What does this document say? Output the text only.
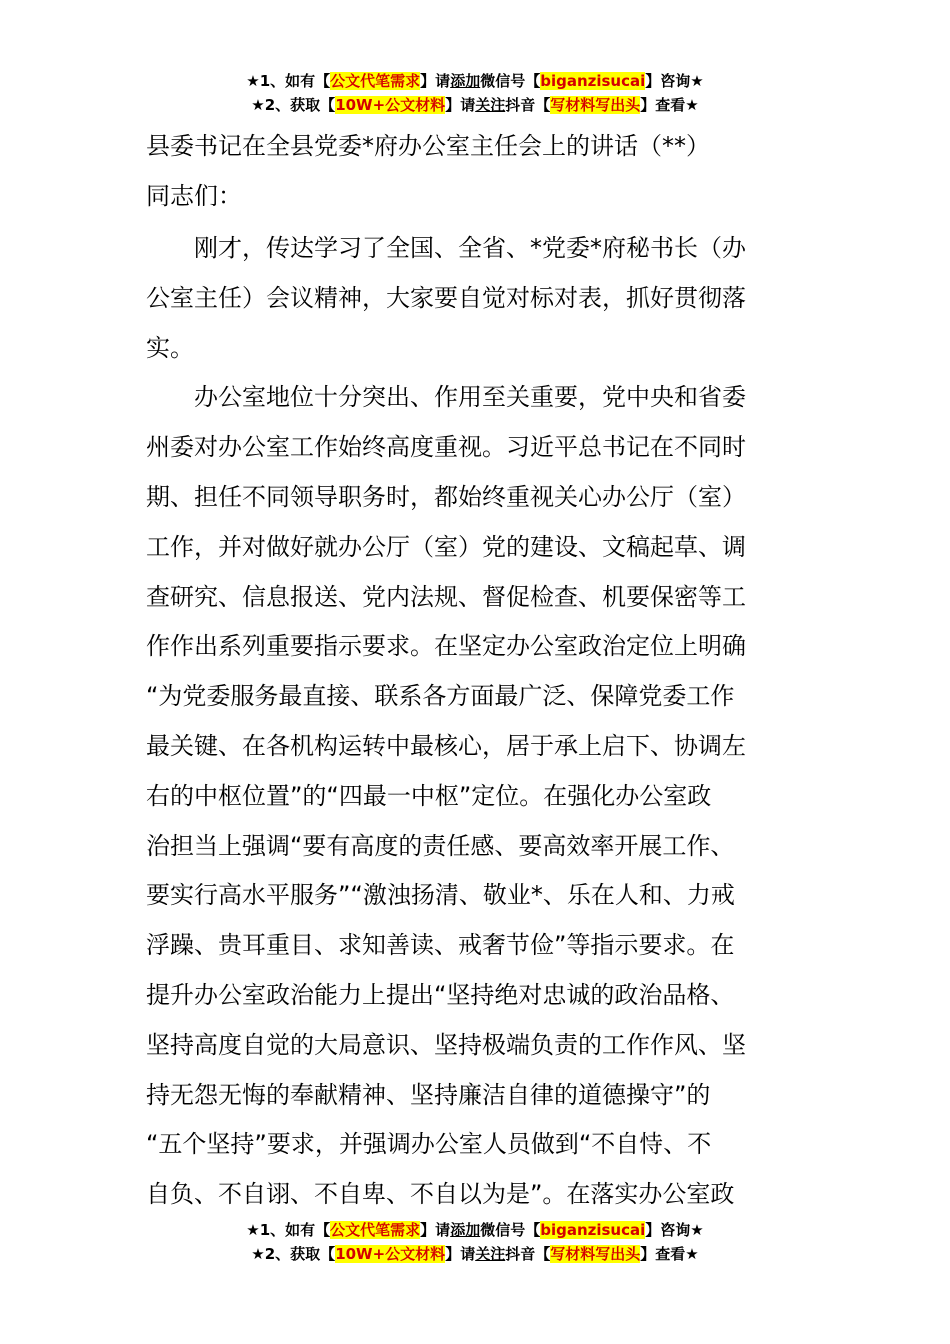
★1、如有【公文代笔需求】请添加微信号【biganzisucai】咨询★
★2、获取【10W+公文材料】请关注抖音【写材料写出头】查看★
县委书记在全县党委*府办公室主任会上的讲话（**）
同志们：
刚才，传达学习了全国、全省、*党委*府秘书长（办
公室主任）会议精神，大家要自觉对标对表，抓好贯彻落
实。
办公室地位十分突出、作用至关重要，党中央和省委
州委对办公室工作始终高度重视。习近平总书记在不同时
期、担任不同领导职务时，都始终重视关心办公厅（室）
工作，并对做好就办公厅（室）党的建设、文稿起草、调
查研究、信息报送、党内法规、督促检查、机要保密等工
作作出系列重要指示要求。在坚定办公室政治定位上明确
“为党委服务最直接、联系各方面最广泛、保障党委工作
最关键、在各机构运转中最核心，居于承上启下、协调左
右的中枢位置”的“四最一中枢”定位。在强化办公室政
治担当上强调“要有高度的责任感、要高效率开展工作、
要实行高水平服务”“激浊扬清、敬业*、乐在人和、力戒
浮躁、贵耳重目、求知善读、戒奢节俭”等指示要求。在
提升办公室政治能力上提出“坚持绝对忠诚的政治品格、
坚持高度自觉的大局意识、坚持极端负责的工作作风、坚
持无怨无悔的奉献精神、坚持廉洁自律的道德操守”的
“五个坚持”要求，并强调办公室人员做到“不自恃、不
自负、不自诩、不自卑、不自以为是”。在落实办公室政
★1、如有【公文代笔需求】请添加微信号【biganzisucai】咨询★
★2、获取【10W+公文材料】请关注抖音【写材料写出头】查看★
